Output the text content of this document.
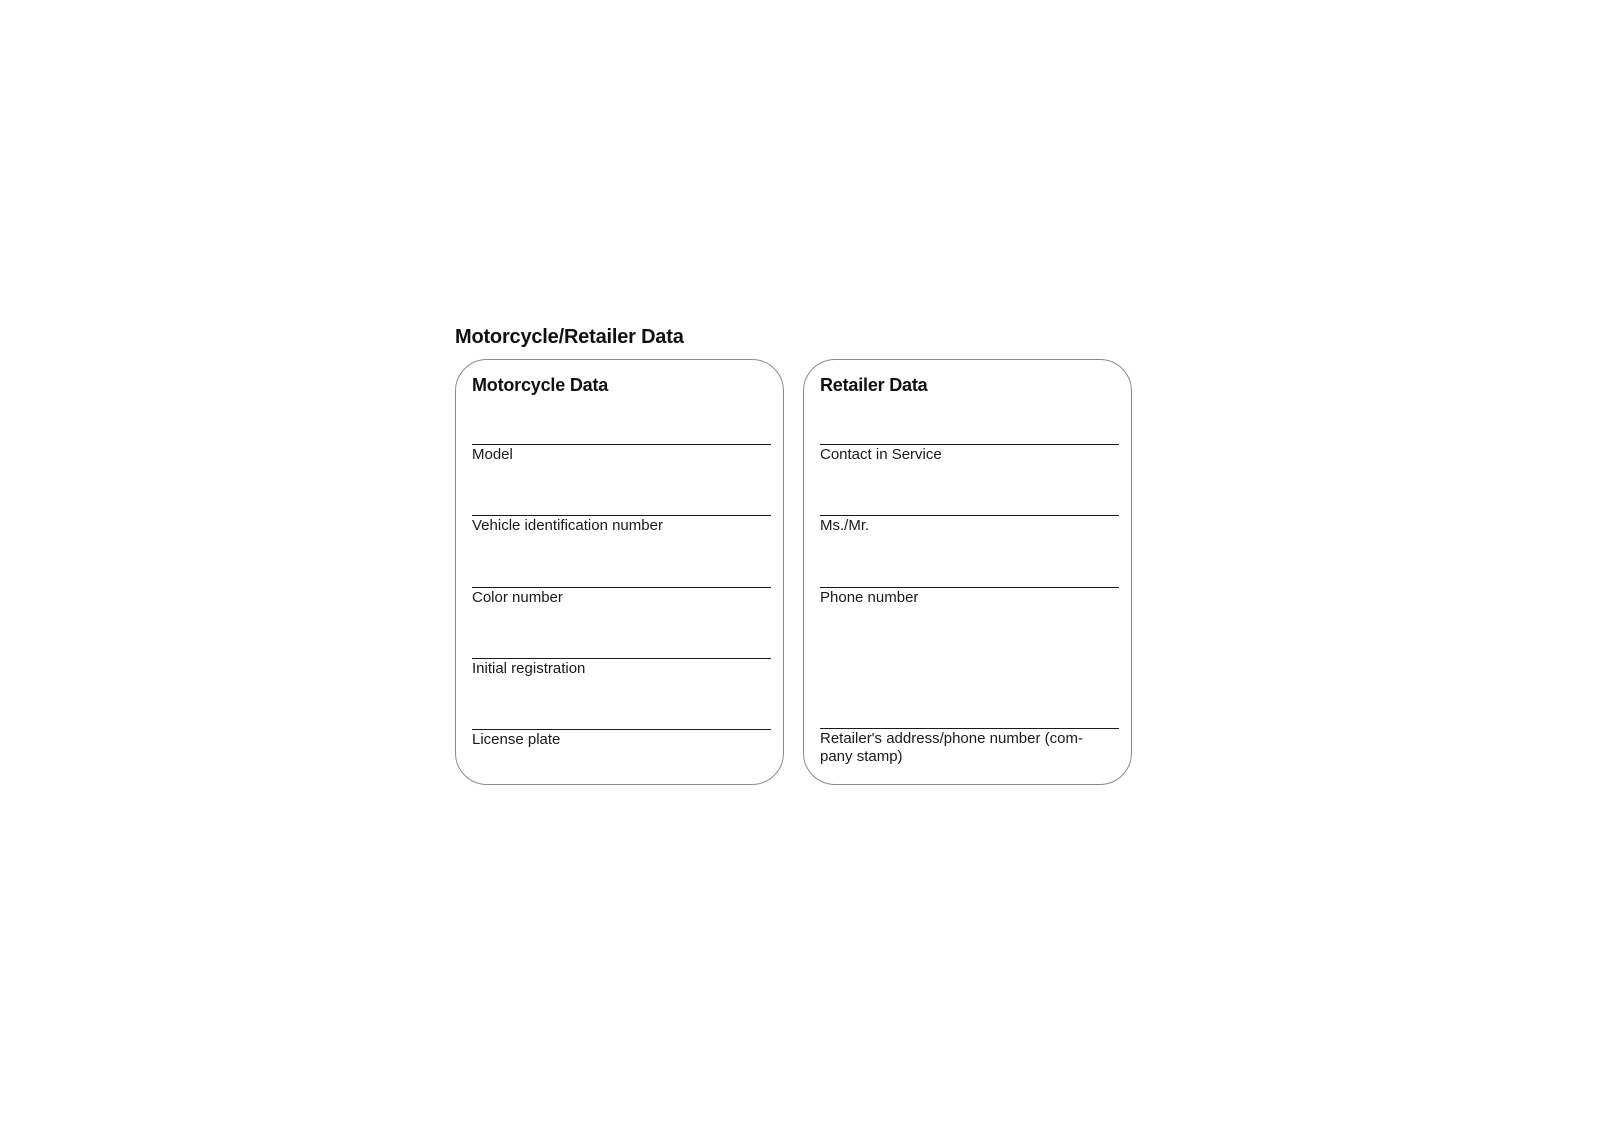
Motorcycle/Retailer Data
Motorcycle Data
Model
Vehicle identification number
Color number
Initial registration
License plate
Retailer Data
Contact in Service
Ms./Mr.
Phone number
Retailer's address/phone number (com- pany stamp)
